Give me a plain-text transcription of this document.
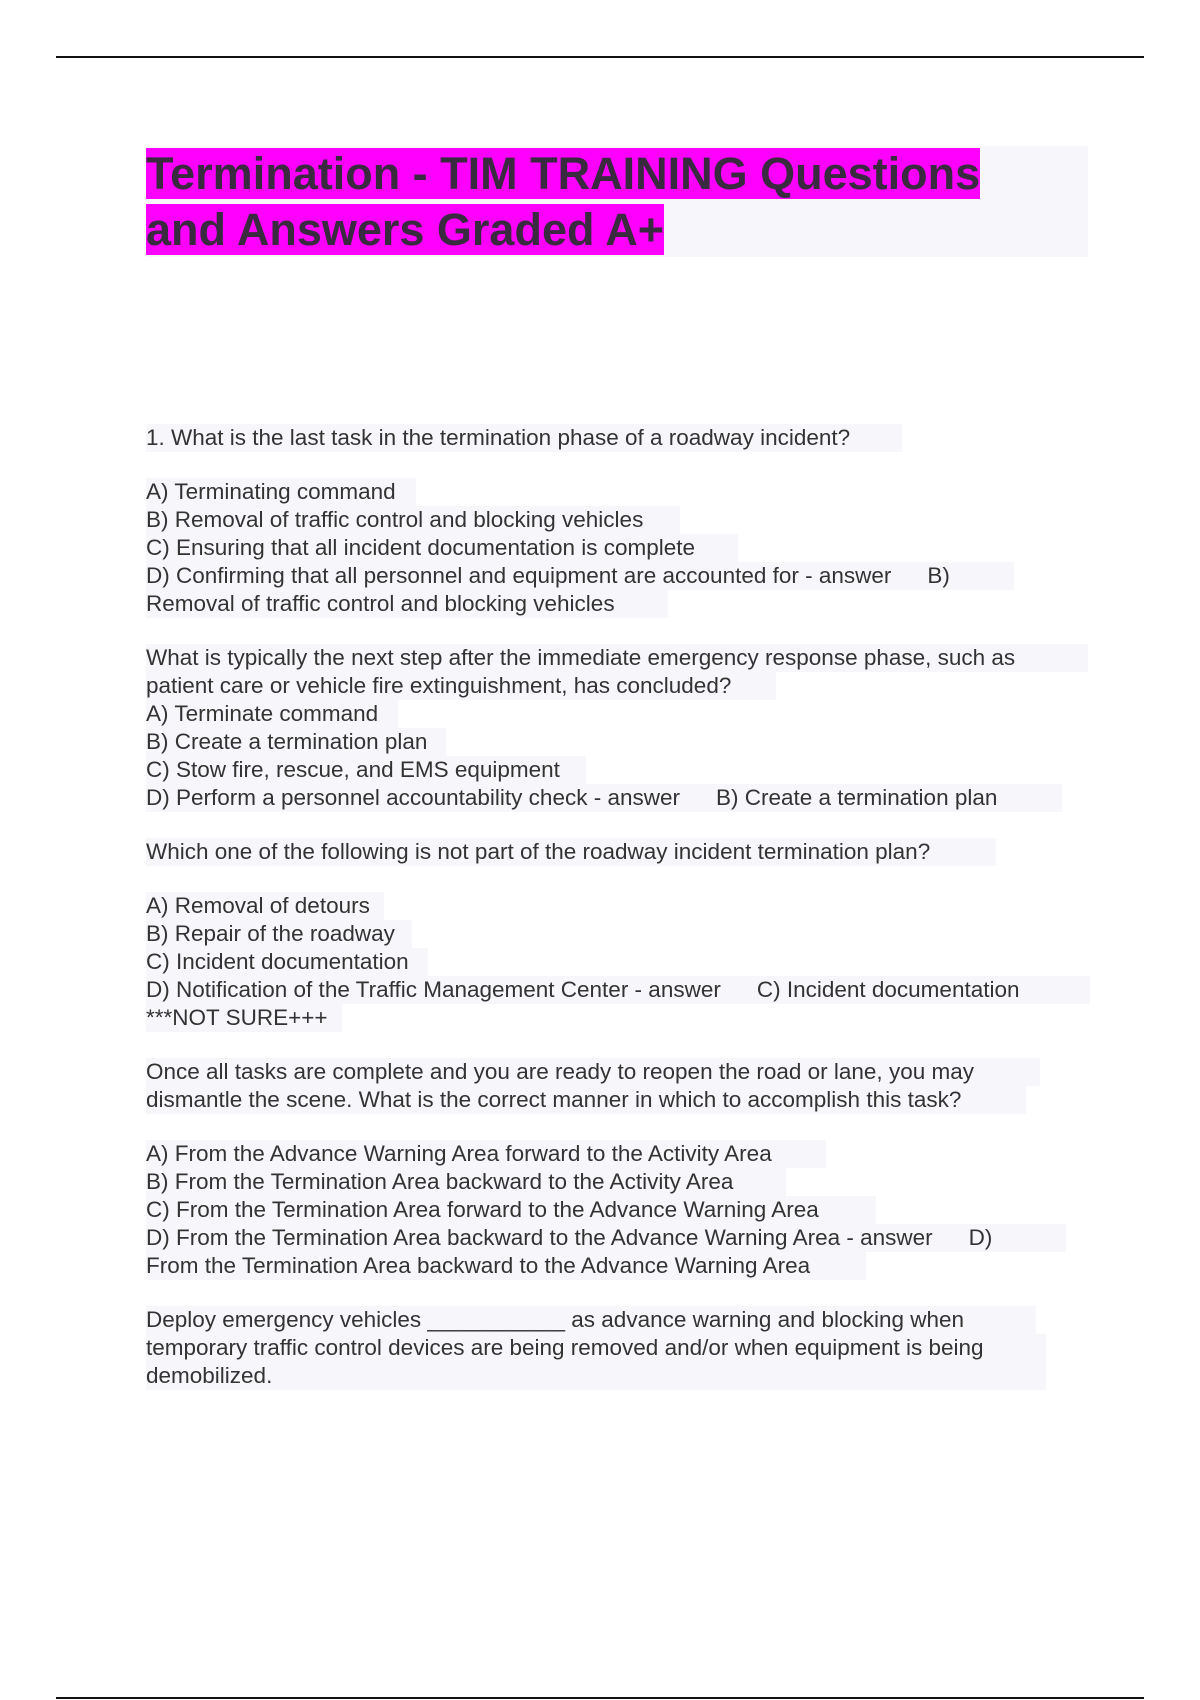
Termination - TIM TRAINING Questions
and Answers Graded A+

1. What is the last task in the termination phase of a roadway incident?

A) Terminating command

B) Removal of traffic control and blocking vehicles

C) Ensuring that all incident documentation is complete

D) Confirming that all personnel and equipment are accounted for - answer B)

Removal of traffic control and blocking vehicles

What is typically the next step after the immediate emergency response phase, such as

patient care or vehicle fire extinguishment, has concluded?

A) Terminate command

B) Create a termination plan

C) Stow fire, rescue, and EMS equipment

D) Perform a personnel accountability check - answer B) Create a termination plan

Which one of the following is not part of the roadway incident termination plan?

A) Removal of detours

B) Repair of the roadway

C) Incident documentation

D) Notification of the Traffic Management Center - answer C) Incident documentation

***NOT SURE+++

Once all tasks are complete and you are ready to reopen the road or lane, you may

dismantle the scene. What is the correct manner in which to accomplish this task?

A) From the Advance Warning Area forward to the Activity Area

B) From the Termination Area backward to the Activity Area

C) From the Termination Area forward to the Advance Warning Area

D) From the Termination Area backward to the Advance Warning Area - answer D)

From the Termination Area backward to the Advance Warning Area

Deploy emergency vehicles ___________ as advance warning and blocking when

temporary traffic control devices are being removed and/or when equipment is being

demobilized.
